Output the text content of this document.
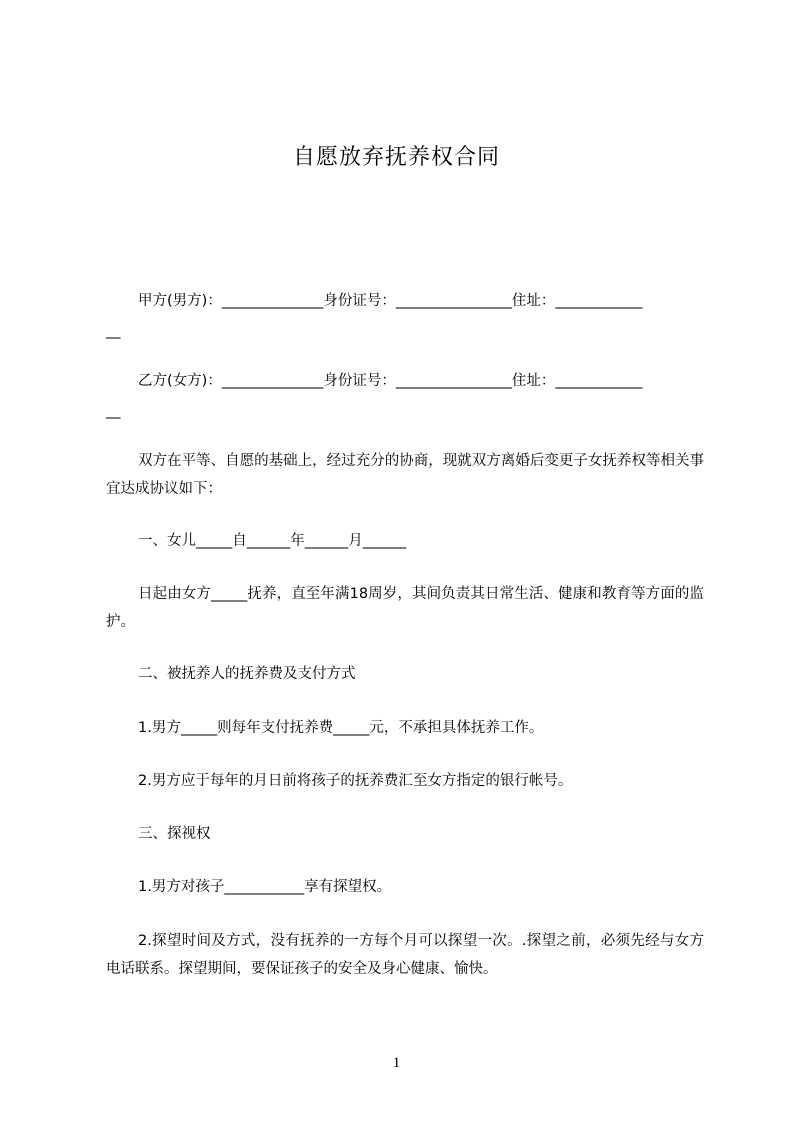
自愿放弃抚养权合同

甲方(男方)：______________身份证号：________________住址：____________

__

乙方(女方)：______________身份证号：________________住址：____________

__

双方在平等、自愿的基础上，经过充分的协商，现就双方离婚后变更子女抚养权等相关事宜达成协议如下：

一、女儿_____自______年______月______

日起由女方_____抚养，直至年满18周岁，其间负责其日常生活、健康和教育等方面的监护。

二、被抚养人的抚养费及支付方式

1.男方_____则每年支付抚养费_____元，不承担具体抚养工作。

2.男方应于每年的月日前将孩子的抚养费汇至女方指定的银行帐号。

三、探视权

1.男方对孩子___________享有探望权。

2.探望时间及方式，没有抚养的一方每个月可以探望一次。.探望之前，必须先经与女方电话联系。探望期间，要保证孩子的安全及身心健康、愉快。

1
